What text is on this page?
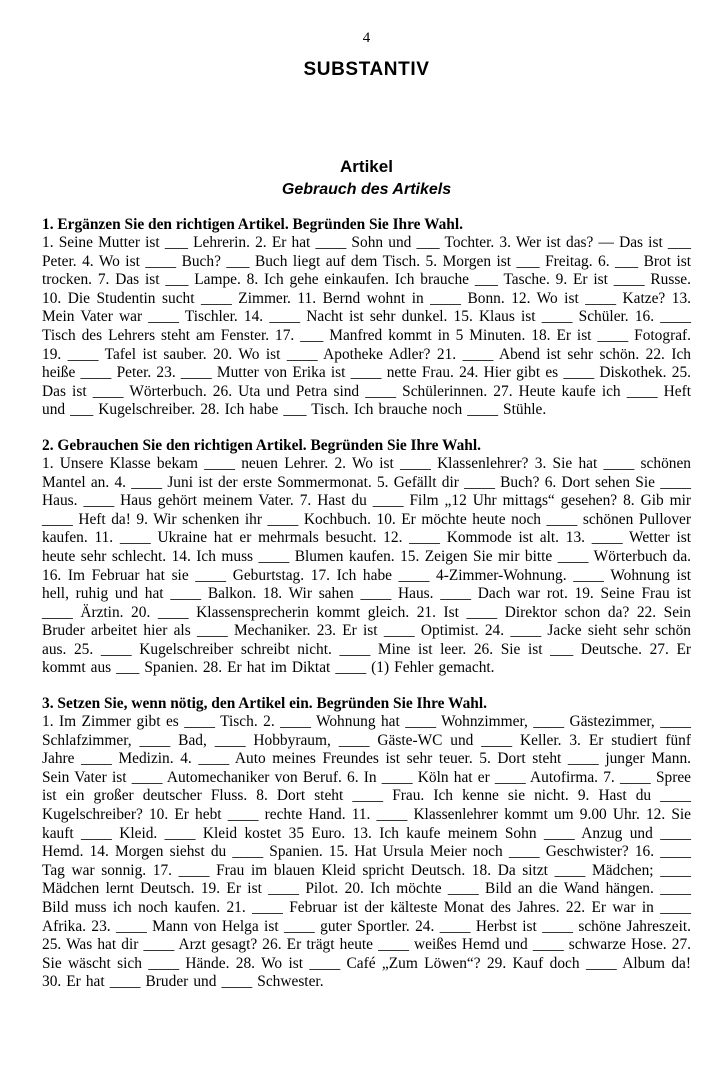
4
SUBSTANTIV
Artikel
Gebrauch des Artikels
1. Ergänzen Sie den richtigen Artikel. Begründen Sie Ihre Wahl.
1. Seine Mutter ist ___ Lehrerin. 2. Er hat ____ Sohn und ___ Tochter. 3. Wer ist das? — Das ist ___ Peter. 4. Wo ist ____ Buch? ___ Buch liegt auf dem Tisch. 5. Morgen ist ___ Freitag. 6. ___ Brot ist trocken. 7. Das ist ___ Lampe. 8. Ich gehe einkaufen. Ich brauche ___ Tasche. 9. Er ist ____ Russe. 10. Die Studentin sucht ____ Zimmer. 11. Bernd wohnt in ____ Bonn. 12. Wo ist ____ Katze? 13. Mein Vater war ____ Tischler. 14. ____ Nacht ist sehr dunkel. 15. Klaus ist ____ Schüler. 16. ____ Tisch des Lehrers steht am Fenster. 17. ___ Manfred kommt in 5 Minuten. 18. Er ist ____ Fotograf. 19. ____ Tafel ist sauber. 20. Wo ist ____ Apotheke Adler? 21. ____ Abend ist sehr schön. 22. Ich heiße ____ Peter. 23. ____ Mutter von Erika ist ____ nette Frau. 24. Hier gibt es ____ Diskothek. 25. Das ist ____ Wörterbuch. 26. Uta und Petra sind ____ Schülerinnen. 27. Heute kaufe ich ____ Heft und ___ Kugelschreiber. 28. Ich habe ___ Tisch. Ich brauche noch ____ Stühle.
2. Gebrauchen Sie den richtigen Artikel. Begründen Sie Ihre Wahl.
1. Unsere Klasse bekam ____ neuen Lehrer. 2. Wo ist ____ Klassenlehrer? 3. Sie hat ____ schönen Mantel an. 4. ____ Juni ist der erste Sommermonat. 5. Gefällt dir ____ Buch? 6. Dort sehen Sie ____ Haus. ____ Haus gehört meinem Vater. 7. Hast du ____ Film „12 Uhr mittags“ gesehen? 8. Gib mir ____ Heft da! 9. Wir schenken ihr ____ Kochbuch. 10. Er möchte heute noch ____ schönen Pullover kaufen. 11. ____ Ukraine hat er mehrmals besucht. 12. ____ Kommode ist alt. 13. ____ Wetter ist heute sehr schlecht. 14. Ich muss ____ Blumen kaufen. 15. Zeigen Sie mir bitte ____ Wörterbuch da. 16. Im Februar hat sie ____ Geburtstag. 17. Ich habe ____ 4-Zimmer-Wohnung. ____ Wohnung ist hell, ruhig und hat ____ Balkon. 18. Wir sahen ____ Haus. ____ Dach war rot. 19. Seine Frau ist ____ Ärztin. 20. ____ Klassensprecherin kommt gleich. 21. Ist ____ Direktor schon da? 22. Sein Bruder arbeitet hier als ____ Mechaniker. 23. Er ist ____ Optimist. 24. ____ Jacke sieht sehr schön aus. 25. ____ Kugelschreiber schreibt nicht. ____ Mine ist leer. 26. Sie ist ___ Deutsche. 27. Er kommt aus ___ Spanien. 28. Er hat im Diktat ____ (1) Fehler gemacht.
3. Setzen Sie, wenn nötig, den Artikel ein. Begründen Sie Ihre Wahl.
1. Im Zimmer gibt es ____ Tisch. 2. ____ Wohnung hat ____ Wohnzimmer, ____ Gästezimmer, ____ Schlafzimmer, ____ Bad, ____ Hobbyraum, ____ Gäste-WC und ____ Keller. 3. Er studiert fünf Jahre ____ Medizin. 4. ____ Auto meines Freundes ist sehr teuer. 5. Dort steht ____ junger Mann. Sein Vater ist ____ Automechaniker von Beruf. 6. In ____ Köln hat er ____ Autofirma. 7. ____ Spree ist ein großer deutscher Fluss. 8. Dort steht ____ Frau. Ich kenne sie nicht. 9. Hast du ____ Kugelschreiber? 10. Er hebt ____ rechte Hand. 11. ____ Klassenlehrer kommt um 9.00 Uhr. 12. Sie kauft ____ Kleid. ____ Kleid kostet 35 Euro. 13. Ich kaufe meinem Sohn ____ Anzug und ____ Hemd. 14. Morgen siehst du ____ Spanien. 15. Hat Ursula Meier noch ____ Geschwister? 16. ____ Tag war sonnig. 17. ____ Frau im blauen Kleid spricht Deutsch. 18. Da sitzt ____ Mädchen; ____ Mädchen lernt Deutsch. 19. Er ist ____ Pilot. 20. Ich möchte ____ Bild an die Wand hängen. ____ Bild muss ich noch kaufen. 21. ____ Februar ist der kälteste Monat des Jahres. 22. Er war in ____ Afrika. 23. ____ Mann von Helga ist ____ guter Sportler. 24. ____ Herbst ist ____ schöne Jahreszeit. 25. Was hat dir ____ Arzt gesagt? 26. Er trägt heute ____ weißes Hemd und ____ schwarze Hose. 27. Sie wäscht sich ____ Hände. 28. Wo ist ____ Café „Zum Löwen“? 29. Kauf doch ____ Album da! 30. Er hat ____ Bruder und ____ Schwester.
